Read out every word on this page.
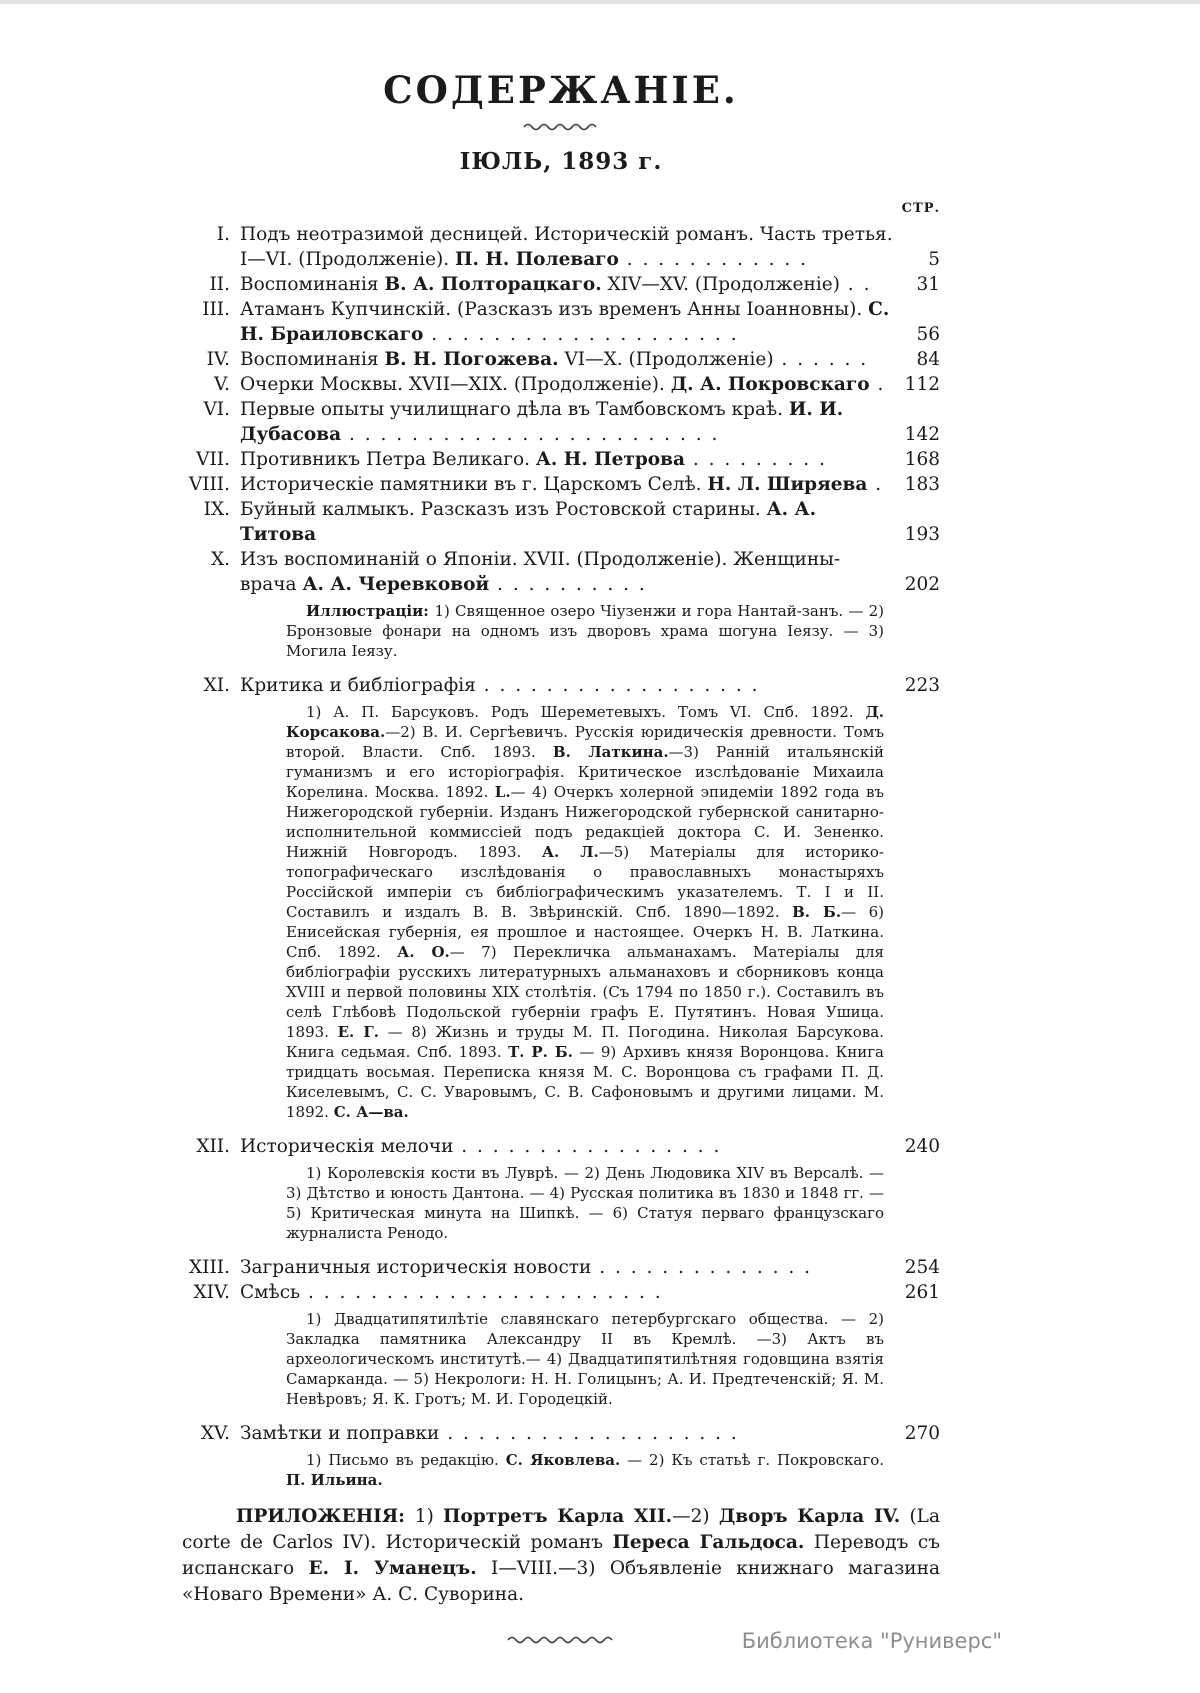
СОДЕРЖАНІЕ.
ІЮЛЬ, 1893 г.
СТР.
I. Подъ неотразимой десницей. Историческій романъ. Часть третья. I—VI. (Продолженіе). П. Н. Полеваго . . . . . . . . . . . .	5
II. Воспоминанія В. А. Полторацкаго. XIV—XV. (Продолженіе) . .	31
III. Атаманъ Купчинскій. (Разсказъ изъ временъ Анны Іоанновны). С. Н. Браиловскаго . . . . . . . . . . . . . . . . . . . .	56
IV. Воспоминанія В. Н. Погожева. VI—X. (Продолженіе) . . . . . .	84
V. Очерки Москвы. XVII—XIX. (Продолженіе). Д. А. Покровскаго .	112
VI. Первые опыты училищнаго дѣла въ Тамбовскомъ краѣ. И. И. Дубасова . . . . . . . . . . . . . . . . . . . . . . . .	142
VII. Противникъ Петра Великаго. А. Н. Петрова . . . . . . . . .	168
VIII. Историческіе памятники въ г. Царскомъ Селѣ. Н. Л. Ширяева .	183
IX. Буйный калмыкъ. Разсказъ изъ Ростовской старины. А. А. Титова	193
X. Изъ воспоминаній о Японіи. XVII. (Продолженіе). Женщины-врача А. А. Черевковой . . . . . . . . . .	202
Иллюстраціи: 1) Священное озеро Чіузенжи и гора Нантай-занъ. — 2) Бронзовые фонари на одномъ изъ дворовъ храма шогуна Іеязу. — 3) Могила Іеязу.
XI. Критика и библіографія . . . . . . . . . . . . . . . . . .	223
1) А. П. Барсуковъ. Родъ Шереметевыхъ. Томъ VI. Спб. 1892. Д. Корсакова.—2) В. И. Сергѣевичъ. Русскія юридическія древности. Томъ второй. Власти. Спб. 1893. В. Латкина.—3) Ранній итальянскій гуманизмъ и его исторіографія. Критическое изслѣдованіе Михаила Корелина. Москва. 1892. L.— 4) Очеркъ холерной эпидеміи 1892 года въ Нижегородской губерніи. Изданъ Нижегородской губернской санитарно-исполнительной коммиссіей подъ редакціей доктора С. И. Зененко. Нижній Новгородъ. 1893. А. Л.—5) Матеріалы для историко-топографическаго изслѣдованія о православныхъ монастыряхъ Россійской имперіи съ библіографическимъ указателемъ. Т. I и II. Составилъ и издалъ В. В. Звѣринскій. Спб. 1890—1892. В. Б.— 6) Енисейская губернія, ея прошлое и настоящее. Очеркъ Н. В. Латкина. Спб. 1892. А. О.— 7) Перекличка альманахамъ. Матеріалы для библіографіи русскихъ литературныхъ альманаховъ и сборниковъ конца XVIII и первой половины XIX столѣтія. (Съ 1794 по 1850 г.). Составилъ въ селѣ Глѣбовѣ Подольской губерніи графъ Е. Путятинъ. Новая Ушица. 1893. Е. Г. — 8) Жизнь и труды М. П. Погодина. Николая Барсукова. Книга седьмая. Спб. 1893. Т. Р. Б. — 9) Архивъ князя Воронцова. Книга тридцать восьмая. Переписка князя М. С. Воронцова съ графами П. Д. Киселевымъ, С. С. Уваровымъ, С. В. Сафоновымъ и другими лицами. М. 1892. С. А—ва.
XII. Историческія мелочи . . . . . . . . . . . . . . . . .	240
1) Королевскія кости въ Луврѣ. — 2) День Людовика XIV въ Версалѣ. — 3) Дѣтство и юность Дантона. — 4) Русская политика въ 1830 и 1848 гг. — 5) Критическая минута на Шипкѣ. — 6) Статуя перваго французскаго журналиста Ренодо.
XIII. Заграничныя историческія новости . . . . . . . . . . . . . .	254
XIV. Смѣсь . . . . . . . . . . . . . . . . . . . . . . .	261
1) Двадцатипятилѣтіе славянскаго петербургскаго общества. — 2) Закладка памятника Александру II въ Кремлѣ. —3) Актъ въ археологическомъ институтѣ.— 4) Двадцатипятилѣтняя годовщина взятія Самарканда. — 5) Некрологи: Н. Н. Голицынъ; А. И. Предтеченскій; Я. М. Невѣровъ; Я. К. Гротъ; М. И. Городецкій.
XV. Замѣтки и поправки . . . . . . . . . . . . . . . . . . .	270
1) Письмо въ редакцію. С. Яковлева. — 2) Къ статьѣ г. Покровскаго. П. Ильина.

ПРИЛОЖЕНІЯ: 1) Портретъ Карла XII.—2) Дворъ Карла IV. (La corte de Carlos IV). Историческій романъ Переса Гальдоса. Переводъ съ испанскаго Е. І. Уманецъ. I—VIII.—3) Объявленіе книжнаго магазина «Новаго Времени» А. С. Суворина.

Библиотека "Руниверс"
